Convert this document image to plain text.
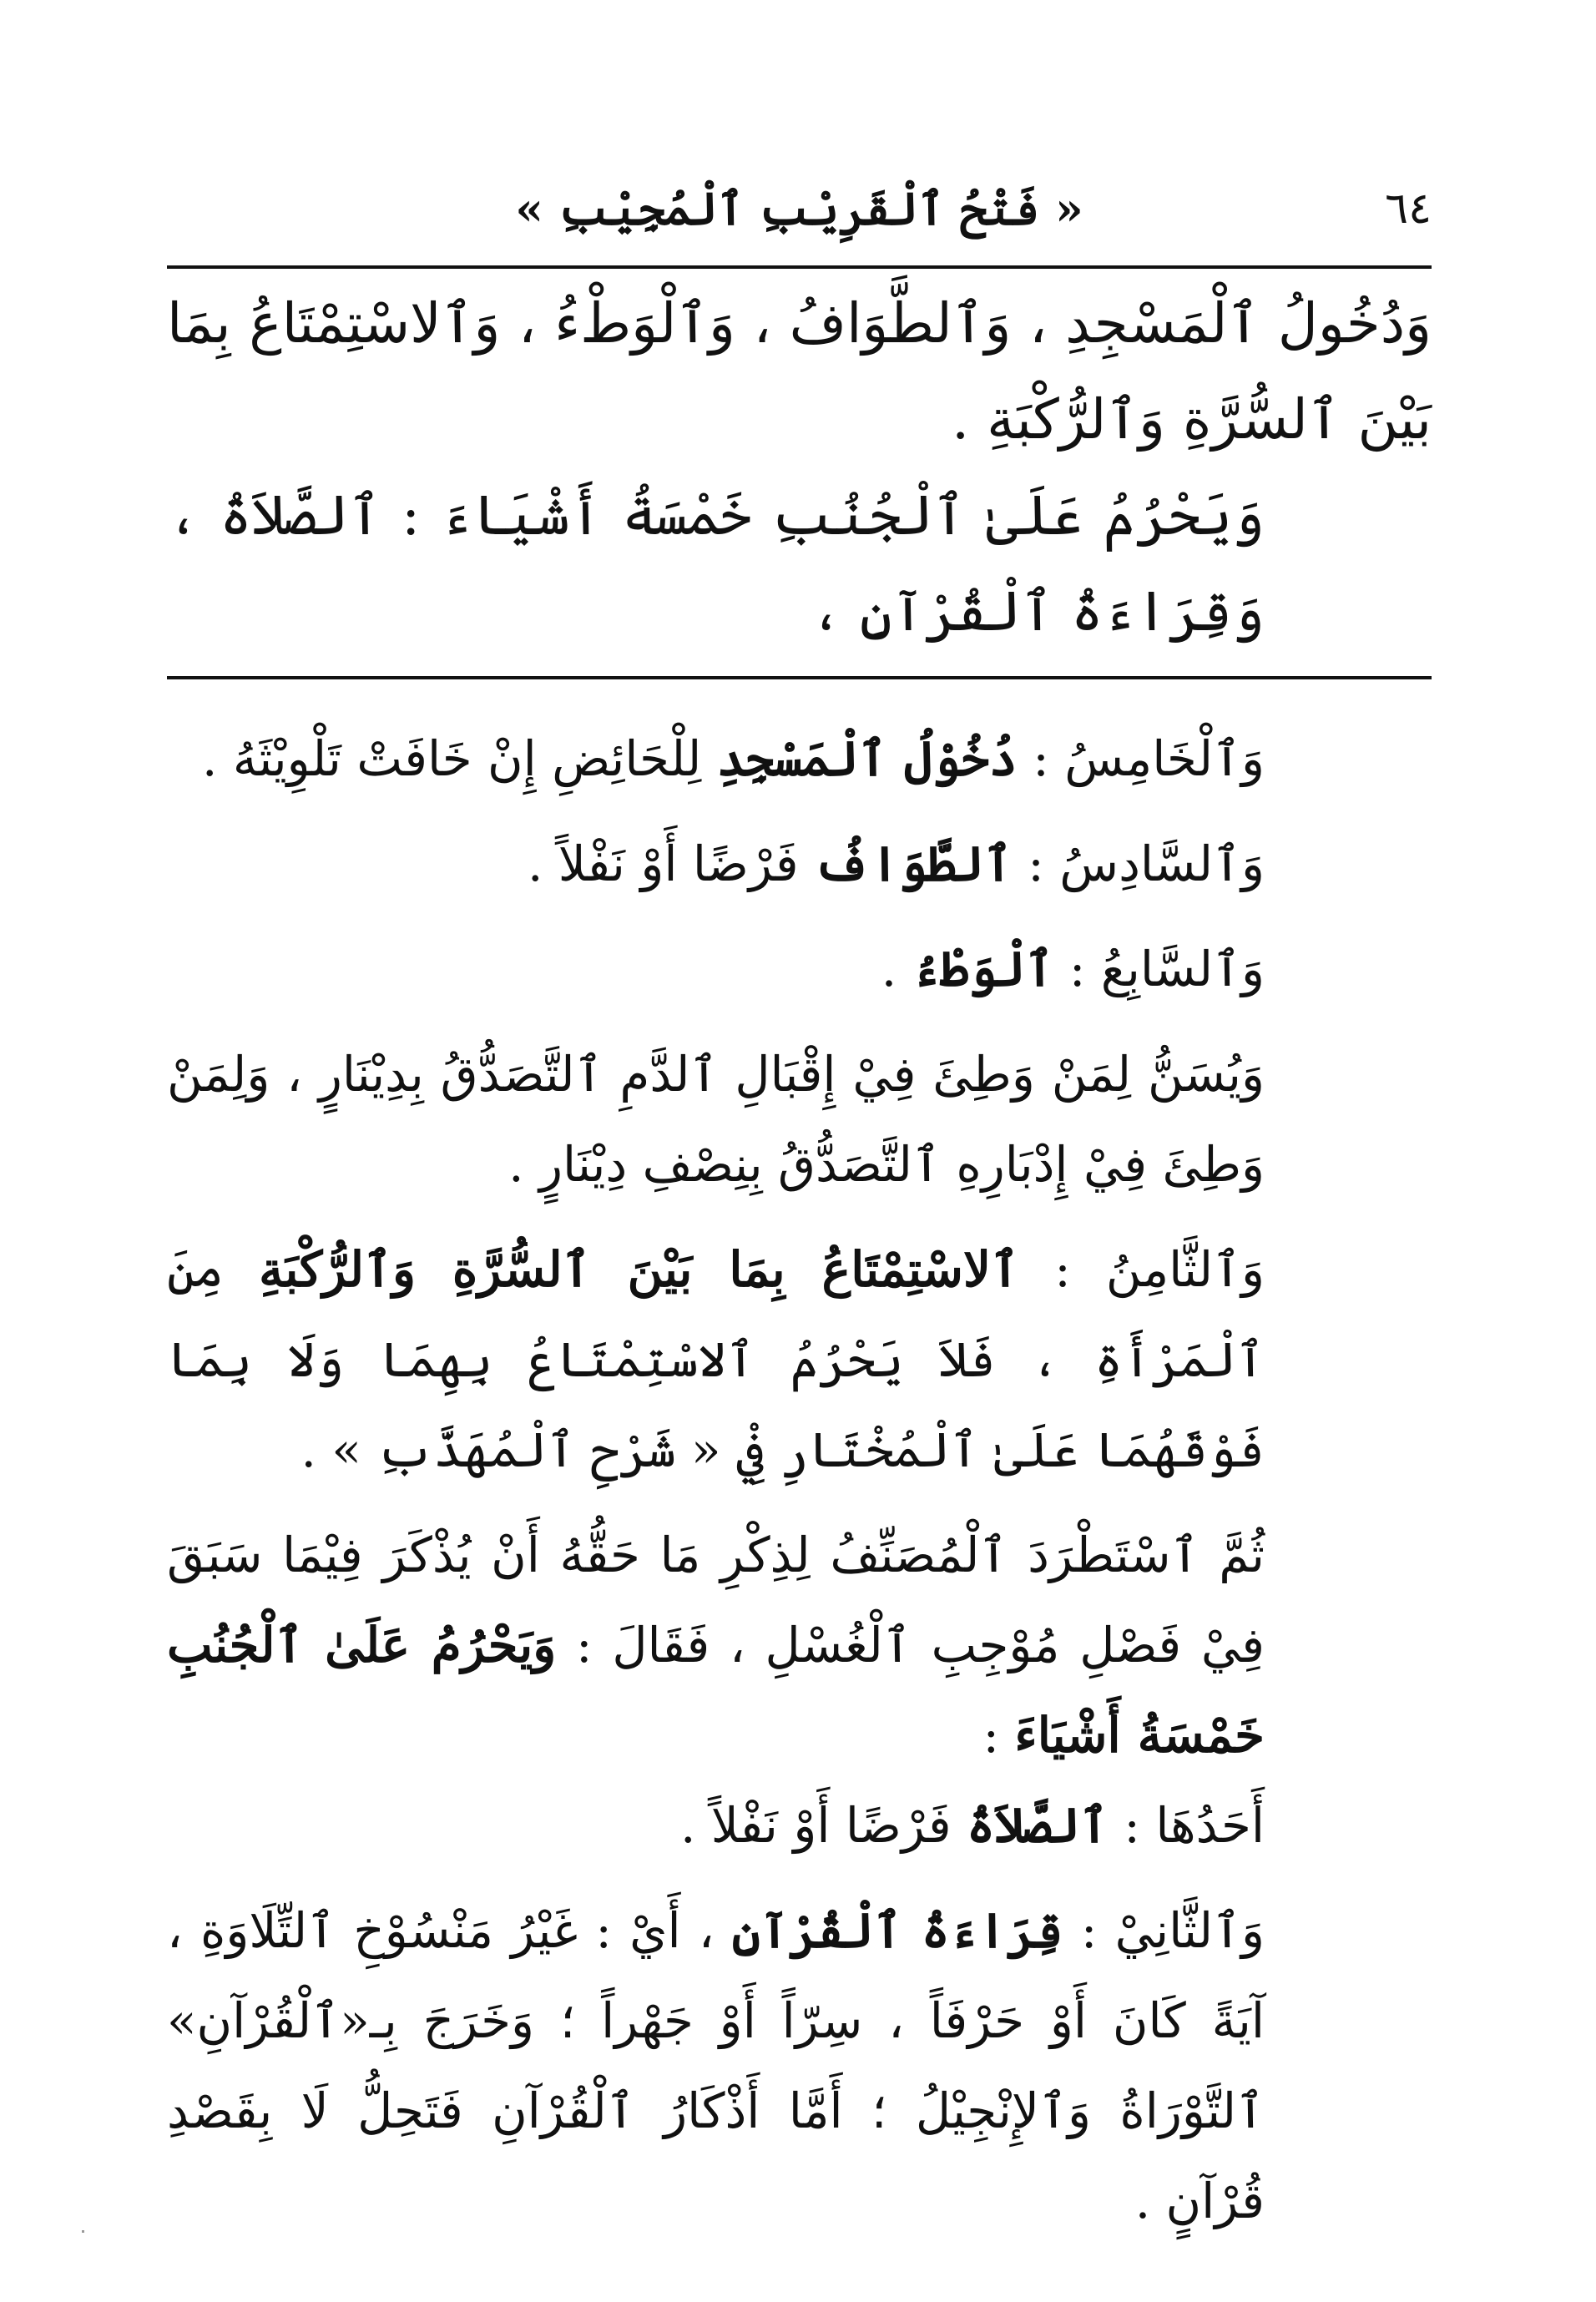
٦٤
« فَتْحُ ٱلْقَرِيْبِ ٱلْمُجِيْبِ »

وَدُخُولُ ٱلْمَسْجِدِ ، وَٱلطَّوَافُ ، وَٱلْوَطْءُ ، وَٱلاسْتِمْتَاعُ بِمَا بَيْنَ ٱلسُّرَّةِ وَٱلرُّكْبَةِ .

وَيَحْرُمُ عَلَىٰ ٱلْجُنُبِ خَمْسَةُ أَشْيَاءَ : ٱلصَّلاَةُ ، وَقِرَاءَةُ ٱلْقُرْآنِ ،

وَٱلْخَامِسُ : دُخُوْلُ ٱلْمَسْجِدِ لِلْحَائِضِ إِنْ خَافَتْ تَلْوِيْثَهُ .

وَٱلسَّادِسُ : ٱلطَّوَافُ فَرْضًا أَوْ نَفْلاً .

وَٱلسَّابِعُ : ٱلْوَطْءُ .

وَيُسَنُّ لِمَنْ وَطِئَ فِيْ إِقْبَالِ ٱلدَّمِ ٱلتَّصَدُّقُ بِدِيْنَارٍ ، وَلِمَنْ وَطِئَ فِيْ إِدْبَارِهِ ٱلتَّصَدُّقُ بِنِصْفِ دِيْنَارٍ .

وَٱلثَّامِنُ : ٱلاسْتِمْتَاعُ بِمَا بَيْنَ ٱلسُّرَّةِ وَٱلرُّكْبَةِ مِنَ ٱلْمَرْأَةِ ، فَلاَ يَحْرُمُ ٱلاسْتِمْتَاعُ بِهِمَا وَلَا بِمَا فَوْقَهُمَا عَلَىٰ ٱلْمُخْتَارِ فِيْ « شَرْحِ ٱلْمُهَذَّبِ » .

ثُمَّ ٱسْتَطْرَدَ ٱلْمُصَنِّفُ لِذِكْرِ مَا حَقُّهُ أَنْ يُذْكَرَ فِيْمَا سَبَقَ فِيْ فَصْلِ مُوْجِبِ ٱلْغُسْلِ ، فَقَالَ : وَيَحْرُمُ عَلَىٰ ٱلْجُنُبِ خَمْسَةُ أَشْيَاءَ :

أَحَدُهَا : ٱلصَّلاَةُ فَرْضًا أَوْ نَفْلاً .

وَٱلثَّانِيْ : قِرَاءَةُ ٱلْقُرْآنِ ، أَيْ : غَيْرُ مَنْسُوْخِ ٱلتِّلَاوَةِ ، آيَةً كَانَ أَوْ حَرْفَاً ، سِرّاً أَوْ جَهْراً ؛ وَخَرَجَ بِـ«ٱلْقُرْآنِ» ٱلتَّوْرَاةُ وَٱلإِنْجِيْلُ ؛ أَمَّا أَذْكَارُ ٱلْقُرْآنِ فَتَحِلُّ لَا بِقَصْدِ قُرْآنٍ .
